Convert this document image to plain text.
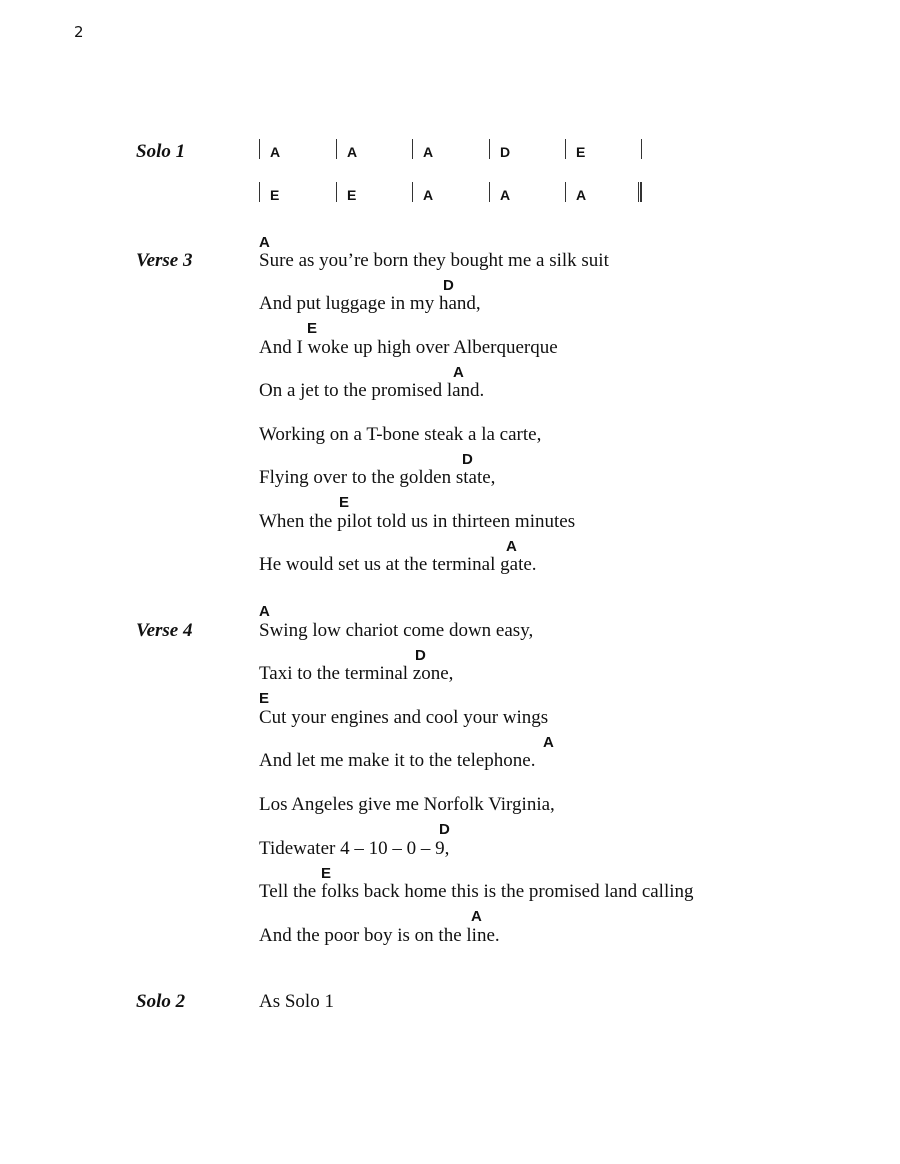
2
Solo 1	A	A	A	D	E
E	E	A	A	A
Verse 3
A
Sure as you’re born they bought me a silk suit
D
And put luggage in my hand,
E
And I woke up high over Alberquerque
A
On a jet to the promised land.
Working on a T-bone steak a la carte,
D
Flying over to the golden state,
E
When the pilot told us in thirteen minutes
A
He would set us at the terminal gate.
Verse 4
A
Swing low chariot come down easy,
D
Taxi to the terminal zone,
E
Cut your engines and cool your wings
A
And let me make it to the telephone.
Los Angeles give me Norfolk Virginia,
D
Tidewater 4 – 10 – 0 – 9,
E
Tell the folks back home this is the promised land calling
A
And the poor boy is on the line.
Solo 2	As Solo 1
